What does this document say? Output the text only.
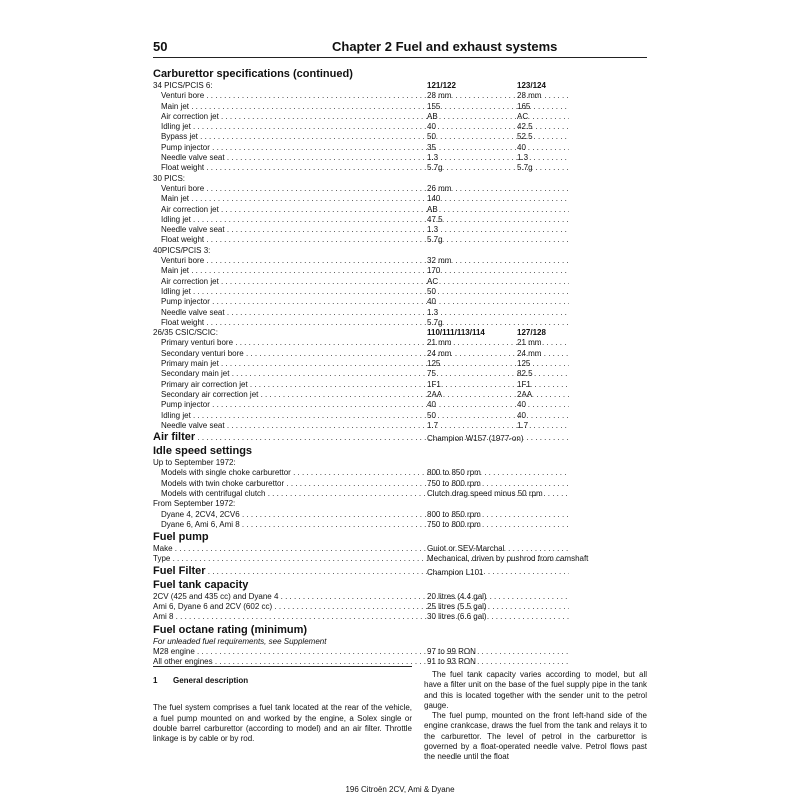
50	Chapter 2 Fuel and exhaust systems
Carburettor specifications (continued)
34 PICS/PCIS 6:	121/122	123/124
Venturi bore . . .	28 mm	28 mm
Main jet . . .	155	165
Air correction jet . . .	AB	AC
Idling jet . . .	40	42.5
Bypass jet . . .	50	52.5
Pump injector . . .	35	40
Needle valve seat . . .	1.3	1.3
Float weight . . .	5.7g	5.7g
30 PICS:
Venturi bore . . .	26 mm
Main jet . . .	140
Air correction jet . . .	AB
Idling jet . . .	47.5
Needle valve seat . . .	1.3
Float weight . . .	5.7g
40PICS/PCIS 3:
Venturi bore . . .	32 mm
Main jet . . .	170
Air correction jet . . .	AC
Idling jet . . .	50
Pump injector . . .	40
Needle valve seat . . .	1.3
Float weight . . .	5.7g
26/35 CSIC/SCIC:	110/111/113/114	127/128
Primary venturi bore . . .	21 mm	21 mm
Secondary venturi bore . . .	24 mm	24 mm
Primary main jet . . .	125	125
Secondary main jet . . .	75	82.5
Primary air correction jet . . .	1F1	1F1
Secondary air correction jet . . .	2AA	2AA
Pump injector . . .	40	40
Idling jet . . .	50	40
Needle valve seat . . .	1.7	1.7
Air filter . . .	Champion W157 (1977-on)
Idle speed settings
Up to September 1972:
Models with single choke carburettor . . .	800 to 850 rpm
Models with twin choke carburettor . . .	750 to 800 rpm
Models with centrifugal clutch . . .	Clutch drag speed minus 50 rpm
From September 1972:
Dyane 4, 2CV4, 2CV6 . . .	800 to 850 rpm
Dyane 6, Ami 6, Ami 8 . . .	750 to 800 rpm
Fuel pump
Make . . .	Guiot or SEV-Marchal
Type . . .	Mechanical, driven by pushrod from camshaft
Fuel Filter . . .	Champion L101
Fuel tank capacity
2CV (425 and 435 cc) and Dyane 4 . . .	20 litres (4.4 gal)
Ami 6, Dyane 6 and 2CV (602 cc) . . .	25 litres (5.5 gal)
Ami 8 . . .	30 litres (6.6 gal)
Fuel octane rating (minimum)
For unleaded fuel requirements, see Supplement
M28 engine . . .	97 to 99 RON
All other engines . . .	91 to 93 RON
1 General description

The fuel system comprises a fuel tank located at the rear of the vehicle, a fuel pump mounted on and worked by the engine, a Solex single or double barrel carburettor (according to model) and an air filter. Throttle linkage is by cable or by rod.

The fuel tank capacity varies according to model, but all have a filter unit on the base of the fuel supply pipe in the tank and this is located together with the sender unit to the petrol gauge.

The fuel pump, mounted on the front left-hand side of the engine crankcase, draws the fuel from the tank and relays it to the carburettor. The level of petrol in the carburettor is governed by a float-operated needle valve. Petrol flows past the needle until the float

196 Citroën 2CV, Ami & Dyane
